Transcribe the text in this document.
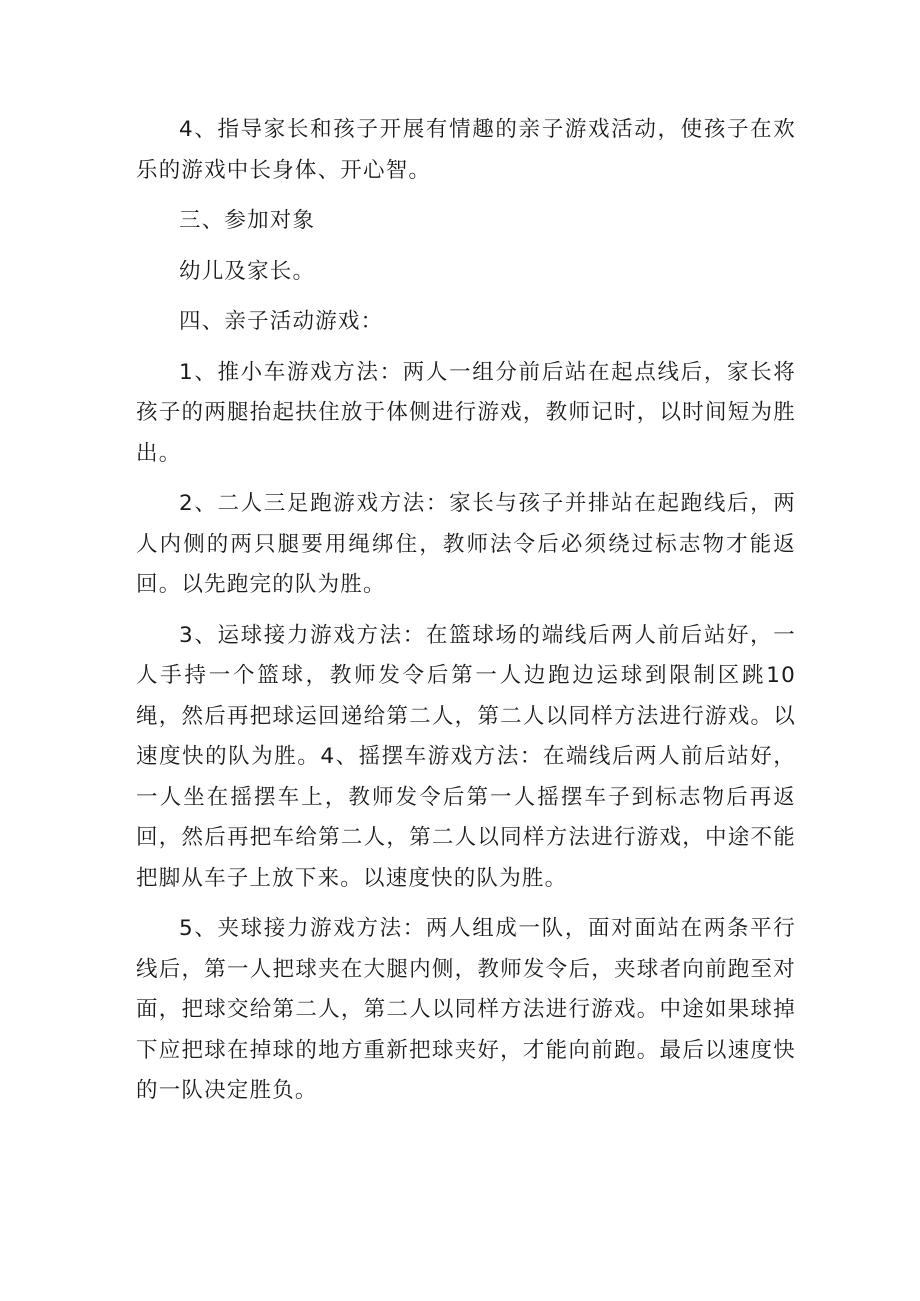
4、指导家长和孩子开展有情趣的亲子游戏活动，使孩子在欢乐的游戏中长身体、开心智。

三、参加对象

幼儿及家长。

四、亲子活动游戏：

1、推小车游戏方法：两人一组分前后站在起点线后，家长将孩子的两腿抬起扶住放于体侧进行游戏，教师记时，以时间短为胜出。

2、二人三足跑游戏方法：家长与孩子并排站在起跑线后，两人内侧的两只腿要用绳绑住，教师法令后必须绕过标志物才能返回。以先跑完的队为胜。

3、运球接力游戏方法：在篮球场的端线后两人前后站好，一人手持一个篮球，教师发令后第一人边跑边运球到限制区跳10绳，然后再把球运回递给第二人，第二人以同样方法进行游戏。以速度快的队为胜。4、摇摆车游戏方法：在端线后两人前后站好，一人坐在摇摆车上，教师发令后第一人摇摆车子到标志物后再返回，然后再把车给第二人，第二人以同样方法进行游戏，中途不能把脚从车子上放下来。以速度快的队为胜。

5、夹球接力游戏方法：两人组成一队，面对面站在两条平行线后，第一人把球夹在大腿内侧，教师发令后，夹球者向前跑至对面，把球交给第二人，第二人以同样方法进行游戏。中途如果球掉下应把球在掉球的地方重新把球夹好，才能向前跑。最后以速度快的一队决定胜负。
